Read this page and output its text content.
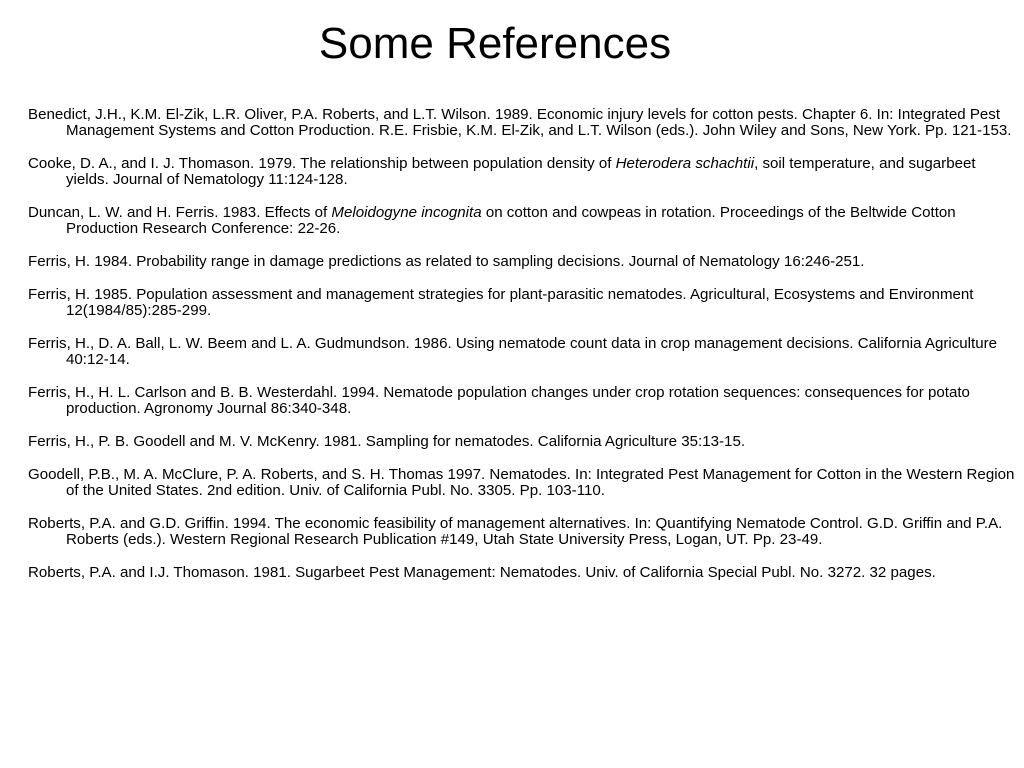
Some References
Benedict, J.H., K.M. El-Zik, L.R. Oliver, P.A. Roberts, and L.T. Wilson. 1989. Economic injury levels for cotton pests. Chapter 6. In: Integrated Pest Management Systems and Cotton Production. R.E. Frisbie, K.M. El-Zik, and L.T. Wilson (eds.). John Wiley and Sons, New York. Pp. 121-153.
Cooke, D. A., and I. J. Thomason. 1979. The relationship between population density of Heterodera schachtii, soil temperature, and sugarbeet yields. Journal of Nematology 11:124-128.
Duncan, L. W. and H. Ferris. 1983. Effects of Meloidogyne incognita on cotton and cowpeas in rotation. Proceedings of the Beltwide Cotton Production Research Conference: 22-26.
Ferris, H. 1984. Probability range in damage predictions as related to sampling decisions. Journal of Nematology 16:246-251.
Ferris, H. 1985. Population assessment and management strategies for plant-parasitic nematodes. Agricultural, Ecosystems and Environment 12(1984/85):285-299.
Ferris, H., D. A. Ball, L. W. Beem and L. A. Gudmundson. 1986. Using nematode count data in crop management decisions. California Agriculture 40:12-14.
Ferris, H., H. L. Carlson and B. B. Westerdahl. 1994. Nematode population changes under crop rotation sequences: consequences for potato production. Agronomy Journal 86:340-348.
Ferris, H., P. B. Goodell and M. V. McKenry. 1981. Sampling for nematodes. California Agriculture 35:13-15.
Goodell, P.B., M. A. McClure, P. A. Roberts, and S. H. Thomas 1997. Nematodes. In: Integrated Pest Management for Cotton in the Western Region of the United States. 2nd edition. Univ. of California Publ. No. 3305. Pp. 103-110.
Roberts, P.A. and G.D. Griffin. 1994. The economic feasibility of management alternatives. In: Quantifying Nematode Control. G.D. Griffin and P.A. Roberts (eds.). Western Regional Research Publication #149, Utah State University Press, Logan, UT. Pp. 23-49.
Roberts, P.A. and I.J. Thomason. 1981. Sugarbeet Pest Management: Nematodes. Univ. of California Special Publ. No. 3272. 32 pages.
